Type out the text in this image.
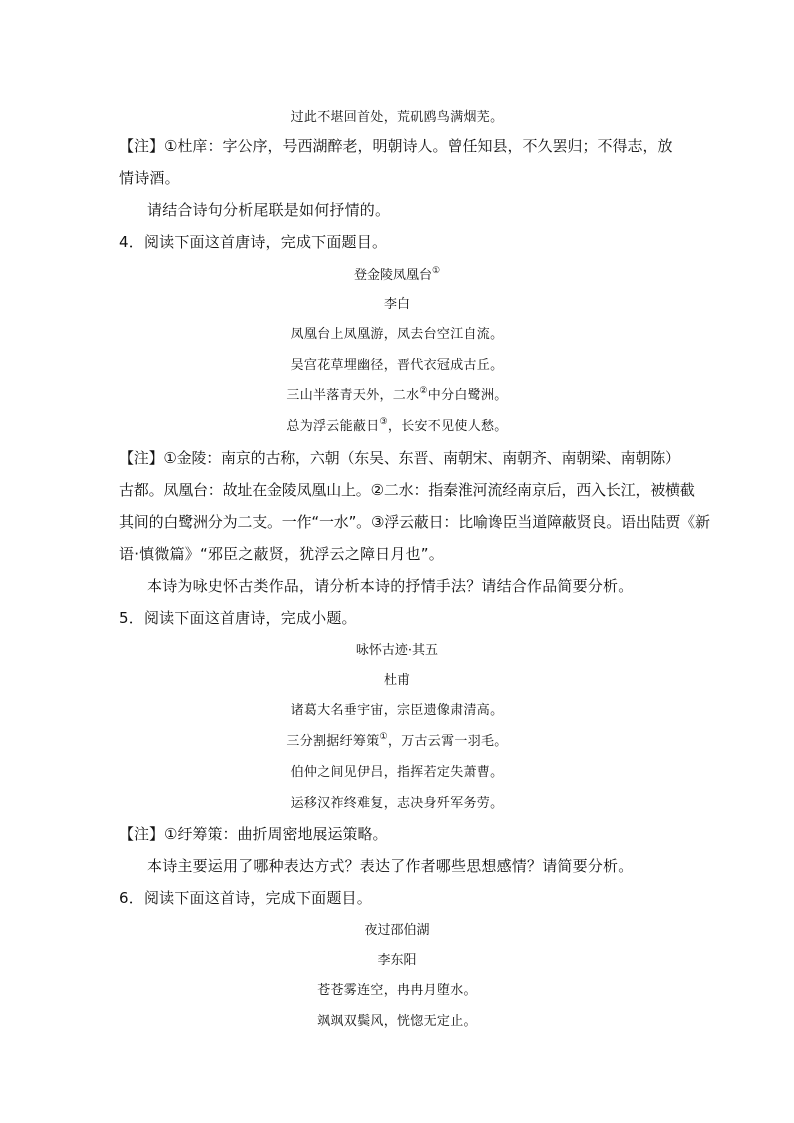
过此不堪回首处，荒矶鸥鸟满烟芜。
【注】①杜庠：字公序，号西湖醉老，明朝诗人。曾任知县，不久罢归；不得志，放
情诗酒。
请结合诗句分析尾联是如何抒情的。
4．阅读下面这首唐诗，完成下面题目。
登金陵凤凰台①
李白
凤凰台上凤凰游，凤去台空江自流。
吴宫花草埋幽径，晋代衣冠成古丘。
三山半落青天外，二水②中分白鹭洲。
总为浮云能蔽日③，长安不见使人愁。
【注】①金陵：南京的古称，六朝（东吴、东晋、南朝宋、南朝齐、南朝梁、南朝陈）
古都。凤凰台：故址在金陵凤凰山上。②二水：指秦淮河流经南京后，西入长江，被横截
其间的白鹭洲分为二支。一作“一水”。③浮云蔽日：比喻谗臣当道障蔽贤良。语出陆贾《新
语·慎微篇》“邪臣之蔽贤，犹浮云之障日月也”。
本诗为咏史怀古类作品，请分析本诗的抒情手法？请结合作品简要分析。
5．阅读下面这首唐诗，完成小题。
咏怀古迹·其五
杜甫
诸葛大名垂宇宙，宗臣遗像肃清高。
三分割据纡筹策①，万古云霄一羽毛。
伯仲之间见伊吕，指挥若定失萧曹。
运移汉祚终难复，志决身歼军务劳。
【注】①纡筹策：曲折周密地展运策略。
本诗主要运用了哪种表达方式？表达了作者哪些思想感情？请简要分析。
6．阅读下面这首诗，完成下面题目。
夜过邵伯湖
李东阳
苍苍雾连空，冉冉月堕水。
飒飒双鬓风，恍惚无定止。
